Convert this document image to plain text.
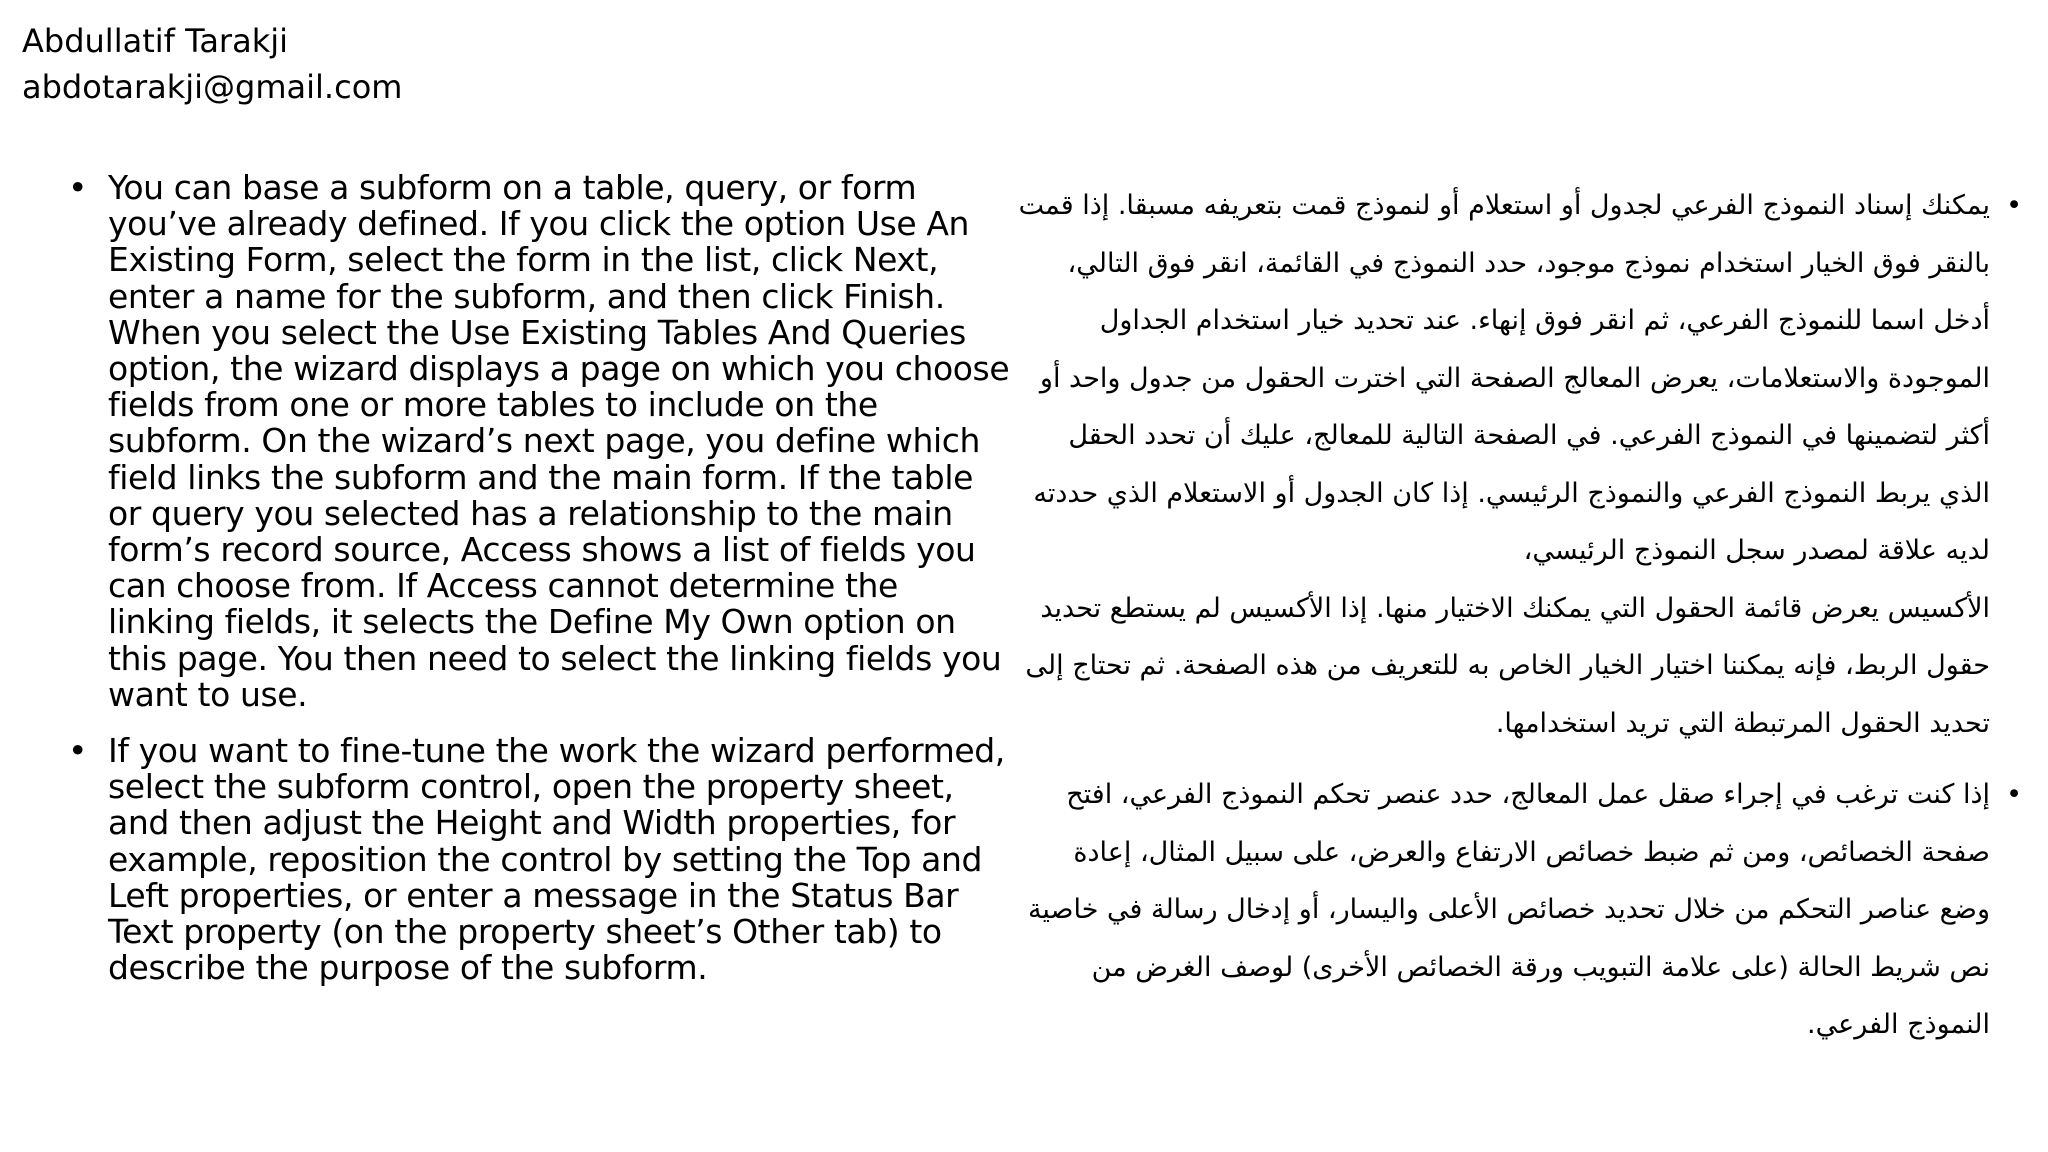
Abdullatif Tarakji
abdotarakji@gmail.com
• You can base a subform on a table, query, or form you’ve already defined. If you click the option Use An Existing Form, select the form in the list, click Next, enter a name for the subform, and then click Finish. When you select the Use Existing Tables And Queries option, the wizard displays a page on which you choose fields from one or more tables to include on the subform. On the wizard’s next page, you define which field links the subform and the main form. If the table or query you selected has a relationship to the main form’s record source, Access shows a list of fields you can choose from. If Access cannot determine the linking fields, it selects the Define My Own option on this page. You then need to select the linking fields you want to use.
• If you want to fine-tune the work the wizard performed, select the subform control, open the property sheet, and then adjust the Height and Width properties, for example, reposition the control by setting the Top and Left properties, or enter a message in the Status Bar Text property (on the property sheet’s Other tab) to describe the purpose of the subform.
•

يمكنك إسناد النموذج الفرعي لجدول أو استعلام أو لنموذج قمت بتعريفه مسبقا. إذا قمت بالنقر فوق الخيار استخدام نموذج موجود، حدد النموذج في القائمة، انقر فوق التالي، أدخل اسما للنموذج الفرعي، ثم انقر فوق إنهاء. عند تحديد خيار استخدام الجداول الموجودة والاستعلامات، يعرض المعالج الصفحة التي اخترت الحقول من جدول واحد أو أكثر لتضمينها في النموذج الفرعي. في الصفحة التالية للمعالج، عليك أن تحدد الحقل الذي يربط النموذج الفرعي والنموذج الرئيسي. إذا كان الجدول أو الاستعلام الذي حددته لديه علاقة لمصدر سجل النموذج الرئيسي،

الأكسيس يعرض قائمة الحقول التي يمكنك الاختيار منها. إذا الأكسيس لم يستطع تحديد حقول الربط، فإنه يمكننا اختيار الخيار الخاص به للتعريف من هذه الصفحة. ثم تحتاج إلى تحديد الحقول المرتبطة التي تريد استخدامها.

•

إذا كنت ترغب في إجراء صقل عمل المعالج، حدد عنصر تحكم النموذج الفرعي، افتح صفحة الخصائص، ومن ثم ضبط خصائص الارتفاع والعرض، على سبيل المثال، إعادة وضع عناصر التحكم من خلال تحديد خصائص الأعلى واليسار، أو إدخال رسالة في خاصية نص شريط الحالة (على علامة التبويب ورقة الخصائص الأخرى) لوصف الغرض من النموذج الفرعي.
